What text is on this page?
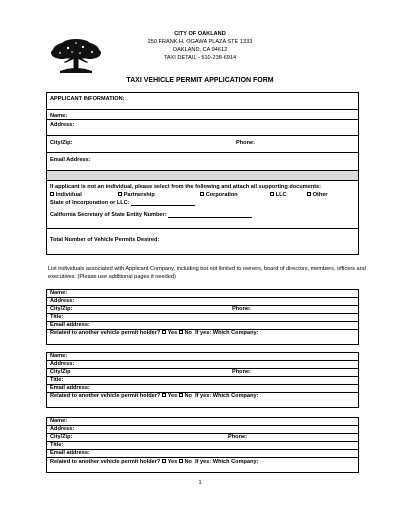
CITY OF OAKLAND
250 FRANK H. OGAWA PLAZA STE 1333
OAKLAND, CA 94612
TAXI DETAIL - 510-238-6914
TAXI VEHICLE PERMIT APPLICATION FORM
APPLICANT INFORMATION:
Name:
Address:
City/Zip:	Phone:
Email Address:
If applicant is not an individual, please select from the following and attach all supporting documents:
Individual	Partnership	Corporation	LLC	Other
State of Incorporation or LLC:
California Secretary of State Entity Number:
Total Number of Vehicle Permits Desired:
List individuals associated with Applicant Company, including but not limited to owners, board of directors, members, officers and executives. (Please use additional pages if needed)
Name:
Address:
City/Zip:	Phone:
Title:
Email address:
Related to another vehicle permit holder? Yes No If yes: Which Company:
Name:
Address:
City/Zip	Phone:
Title:
Email address:
Related to another vehicle permit holder? Yes No If yes: Which Company:
Name:
Address:
City/Zip:	Phone:
Title:
Email address:
Related to another vehicle permit holder? Yes No If yes: Which Company:
1
